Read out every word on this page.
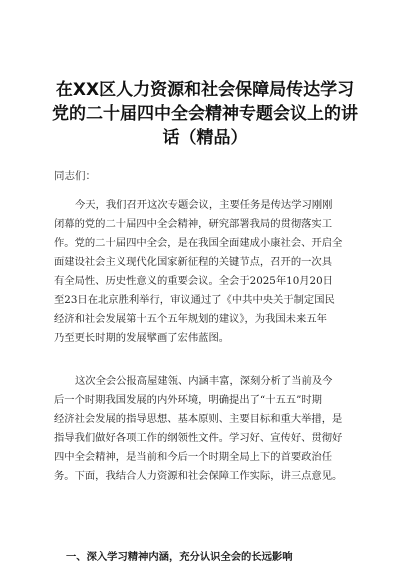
在XX区人力资源和社会保障局传达学习
党的二十届四中全会精神专题会议上的讲
话（精品）
同志们：
今天，我们召开这次专题会议，主要任务是传达学习刚刚
闭幕的党的二十届四中全会精神，研究部署我局的贯彻落实工
作。党的二十届四中全会，是在我国全面建成小康社会、开启全
面建设社会主义现代化国家新征程的关键节点，召开的一次具
有全局性、历史性意义的重要会议。全会于2025年10月20日
至23日在北京胜利举行，审议通过了《中共中央关于制定国民
经济和社会发展第十五个五年规划的建议》，为我国未来五年
乃至更长时期的发展擘画了宏伟蓝图。
这次全会公报高屋建瓴、内涵丰富，深刻分析了当前及今
后一个时期我国发展的内外环境，明确提出了“十五五”时期
经济社会发展的指导思想、基本原则、主要目标和重大举措，是
指导我们做好各项工作的纲领性文件。学习好、宣传好、贯彻好
四中全会精神，是当前和今后一个时期全局上下的首要政治任
务。下面，我结合人力资源和社会保障工作实际，讲三点意见。
一、深入学习精神内涵，充分认识全会的长远影响
